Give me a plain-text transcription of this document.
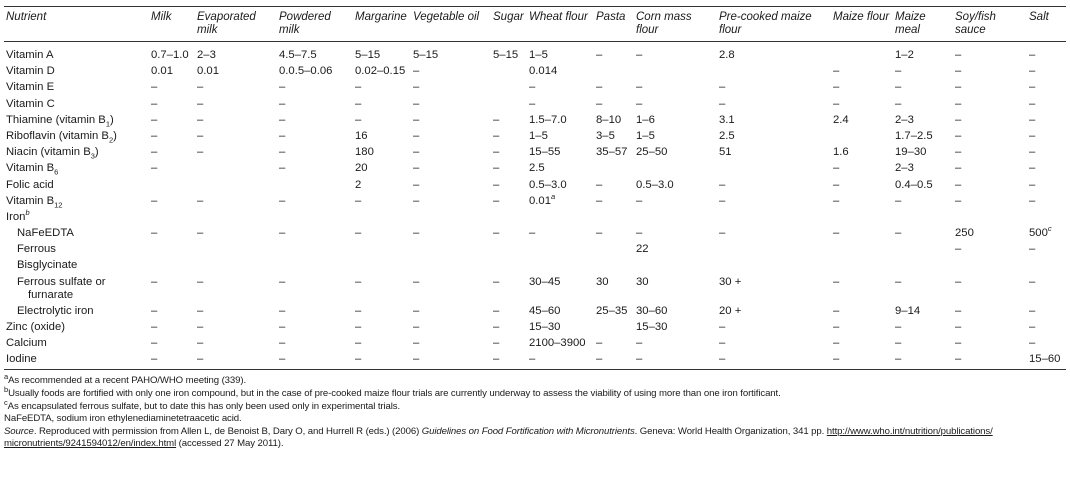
Nutrient	Milk	Evaporated milk	Powdered milk	Margarine	Vegetable oil	Sugar	Wheat flour	Pasta	Corn mass flour	Pre-cooked maize flour	Maize flour	Maize meal	Soy/fish sauce	Salt
Vitamin A	0.7–1.0	2–3	4.5–7.5	5–15	5–15	5–15	1–5	–	–	2.8		1–2	–	–
Vitamin D	0.01	0.01	0.0.5–0.06	0.02–0.15	–		0.014				–	–	–	–
Vitamin E	–	–	–	–	–		–	–	–	–	–	–	–	–
Vitamin C	–	–	–	–	–		–	–	–	–	–	–	–	–
Thiamine (vitamin $B_1$)	–	–	–	–	–	–	1.5–7.0	8–10	1–6	3.1	2.4	2–3	–	–
Riboflavin (vitamin $B_2$)	–	–	–	16	–	–	1–5	3–5	1–5	2.5		1.7–2.5	–	–
Niacin (vitamin $B_3$)	–	–	–	180	–	–	15–55	35–57	25–50	51	1.6	19–30	–	–
Vitamin $B_6$	–		–	20	–	–	2.5				–	2–3	–	–
Folic acid				2	–	–	0.5–3.0	–	0.5–3.0	–	–	0.4–0.5	–	–
Vitamin $B_{12}$	–	–	–	–	–	–	0.01$^a$	–	–	–	–	–	–	–
Iron$^b$														
NaFeEDTA	–	–	–	–	–	–	–	–	–	–	–	–	250	500$^c$
Ferrous									22				–	–
Bisglycinate														
Ferrous sulfate or
furnarate	–	–	–	–	–	–	30–45	30	30	30 +	–	–	–	–
Electrolytic iron	–	–	–	–	–	–	45–60	25–35	30–60	20 +	–	9–14	–	–
Zinc (oxide)	–	–	–	–	–	–	15–30		15–30	–	–	–	–	–
Calcium	–	–	–	–	–	–	2100–3900	–	–	–	–	–	–	–
Iodine	–	–	–	–	–	–	–	–	–	–	–	–	–	15–60
$^a$As recommended at a recent PAHO/WHO meeting (339).
$^b$Usually foods are fortified with only one iron compound, but in the case of pre-cooked maize flour trials are currently underway to assess the viability of using more than one iron fortificant.
$^c$As encapsulated ferrous sulfate, but to date this has only been used only in experimental trials.
NaFeEDTA, sodium iron ethylenediaminetetraacetic acid.
Source. Reproduced with permission from Allen L, de Benoist B, Dary O, and Hurrell R (eds.) (2006) Guidelines on Food Fortification with Micronutrients. Geneva: World Health Organization, 341 pp. http://www.who.int/nutrition/publications/
micronutrients/9241594012/en/index.html (accessed 27 May 2011).
